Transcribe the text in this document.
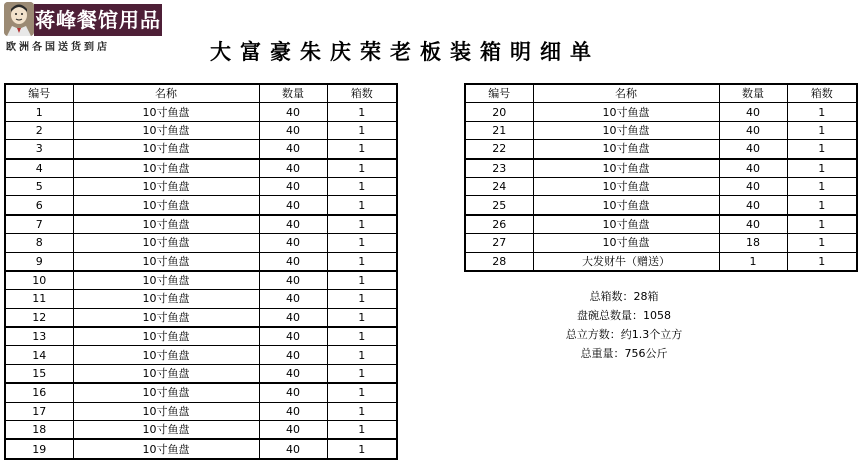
蒋峰餐馆用品
欧洲各国送货到店	大富豪朱庆荣老板装箱明细单
编号	名称	数量	箱数
1	10寸鱼盘	40	1
2	10寸鱼盘	40	1
3	10寸鱼盘	40	1
4	10寸鱼盘	40	1
5	10寸鱼盘	40	1
6	10寸鱼盘	40	1
7	10寸鱼盘	40	1
8	10寸鱼盘	40	1
9	10寸鱼盘	40	1
10	10寸鱼盘	40	1
11	10寸鱼盘	40	1
12	10寸鱼盘	40	1
13	10寸鱼盘	40	1
14	10寸鱼盘	40	1
15	10寸鱼盘	40	1
16	10寸鱼盘	40	1
17	10寸鱼盘	40	1
18	10寸鱼盘	40	1
19	10寸鱼盘	40	1
编号	名称	数量	箱数
20	10寸鱼盘	40	1
21	10寸鱼盘	40	1
22	10寸鱼盘	40	1
23	10寸鱼盘	40	1
24	10寸鱼盘	40	1
25	10寸鱼盘	40	1
26	10寸鱼盘	40	1
27	10寸鱼盘	18	1
28	大发财牛（赠送）	1	1
总箱数：28箱
盘碗总数量：1058
总立方数：约1.3个立方
总重量：756公斤
